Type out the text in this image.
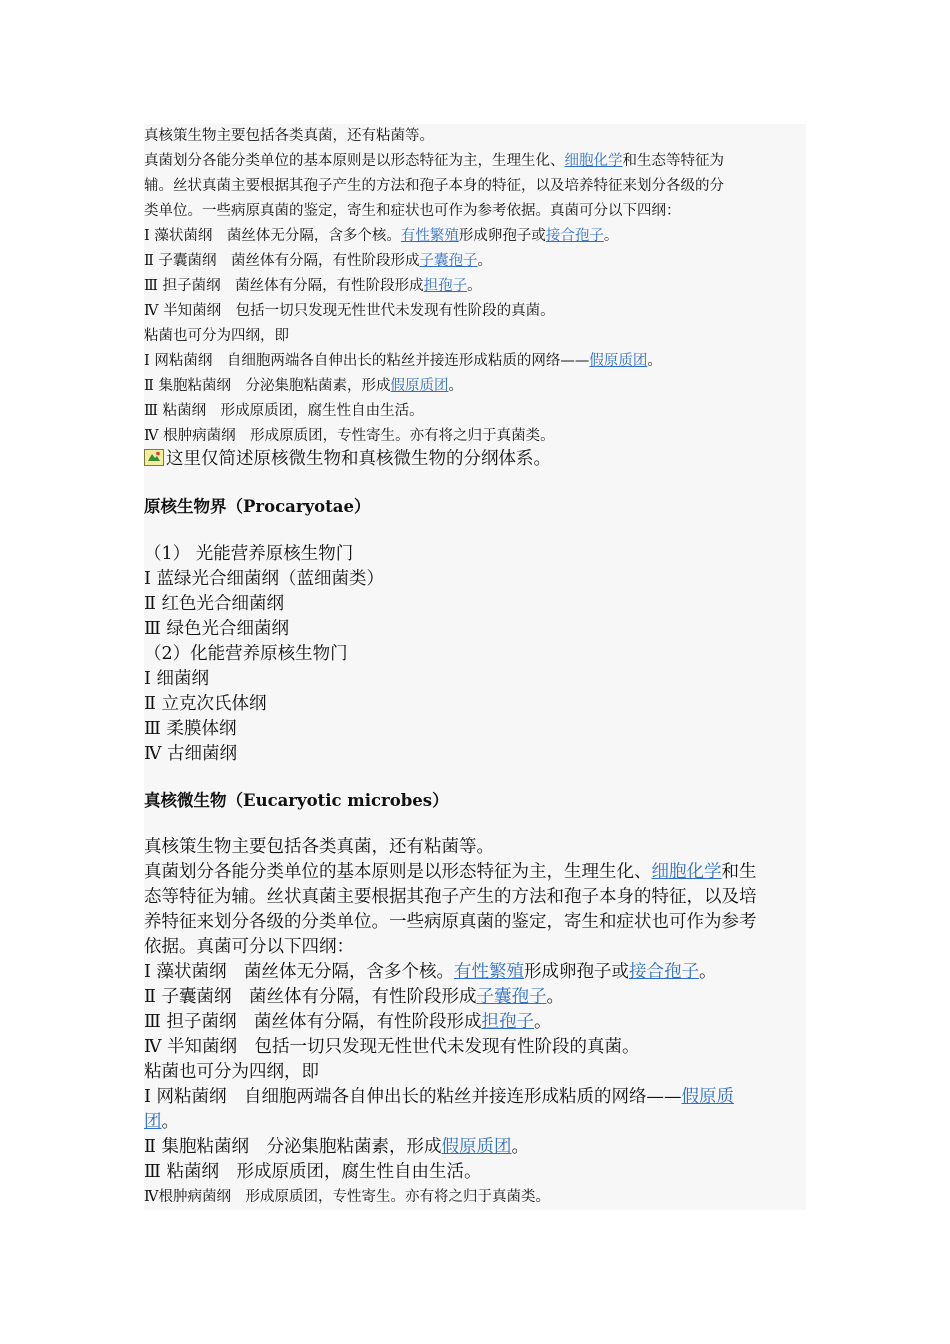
真核策生物主要包括各类真菌，还有粘菌等。
真菌划分各能分类单位的基本原则是以形态特征为主，生理生化、细胞化学和生态等特征为
辅。丝状真菌主要根据其孢子产生的方法和孢子本身的特征，以及培养特征来划分各级的分
类单位。一些病原真菌的鉴定，寄生和症状也可作为参考依据。真菌可分以下四纲：
Ⅰ 藻状菌纲　菌丝体无分隔，含多个核。有性繁殖形成卵孢子或接合孢子。
Ⅱ 子囊菌纲　菌丝体有分隔，有性阶段形成子囊孢子。
Ⅲ 担子菌纲　菌丝体有分隔，有性阶段形成担孢子。
Ⅳ 半知菌纲　包括一切只发现无性世代未发现有性阶段的真菌。
粘菌也可分为四纲，即
Ⅰ 网粘菌纲　自细胞两端各自伸出长的粘丝并接连形成粘质的网络——假原质团。
Ⅱ 集胞粘菌纲　分泌集胞粘菌素，形成假原质团。
Ⅲ 粘菌纲　形成原质团，腐生性自由生活。
Ⅳ 根肿病菌纲　形成原质团，专性寄生。亦有将之归于真菌类。
这里仅简述原核微生物和真核微生物的分纲体系。
原核生物界（Procaryotae）
（1） 光能营养原核生物门
Ⅰ 蓝绿光合细菌纲（蓝细菌类）
Ⅱ 红色光合细菌纲
Ⅲ 绿色光合细菌纲
（2）化能营养原核生物门
Ⅰ 细菌纲
Ⅱ 立克次氏体纲
Ⅲ 柔膜体纲
Ⅳ 古细菌纲
真核微生物（Eucaryotic microbes）
真核策生物主要包括各类真菌，还有粘菌等。
真菌划分各能分类单位的基本原则是以形态特征为主，生理生化、细胞化学和生
态等特征为辅。丝状真菌主要根据其孢子产生的方法和孢子本身的特征，以及培
养特征来划分各级的分类单位。一些病原真菌的鉴定，寄生和症状也可作为参考
依据。真菌可分以下四纲：
Ⅰ 藻状菌纲　菌丝体无分隔，含多个核。有性繁殖形成卵孢子或接合孢子。
Ⅱ 子囊菌纲　菌丝体有分隔，有性阶段形成子囊孢子。
Ⅲ 担子菌纲　菌丝体有分隔，有性阶段形成担孢子。
Ⅳ 半知菌纲　包括一切只发现无性世代未发现有性阶段的真菌。
粘菌也可分为四纲，即
Ⅰ 网粘菌纲　自细胞两端各自伸出长的粘丝并接连形成粘质的网络——假原质
团。
Ⅱ 集胞粘菌纲　分泌集胞粘菌素，形成假原质团。
Ⅲ 粘菌纲　形成原质团，腐生性自由生活。
Ⅳ根肿病菌纲　形成原质团，专性寄生。亦有将之归于真菌类。
